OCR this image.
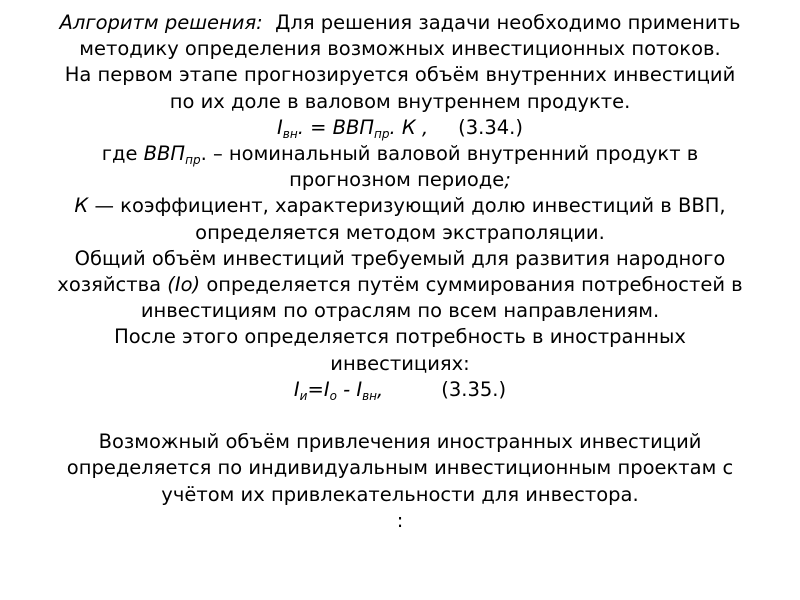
Алгоритм решения: Для решения задачи необходимо применить
методику определения возможных инвестиционных потоков.
На первом этапе прогнозируется объём внутренних инвестиций
по их доле в валовом внутреннем продукте.
$I_{вн}$. = $ВВП_{пр}$. К , (3.34.)
где $ВВП_{пр}$. – номинальный валовой внутренний продукт в
прогнозном периоде;
К — коэффициент, характеризующий долю инвестиций в ВВП,
определяется методом экстраполяции.
Общий объём инвестиций требуемый для развития народного
хозяйства (Io) определяется путём суммирования потребностей в
инвестициям по отраслям по всем направлениям.
После этого определяется потребность в иностранных
инвестициях:
$I_и=I_о - I_{вн}$,	(3.35.)
Возможный объём привлечения иностранных инвестиций
определяется по индивидуальным инвестиционным проектам с
учётом их привлекательности для инвестора.
:
